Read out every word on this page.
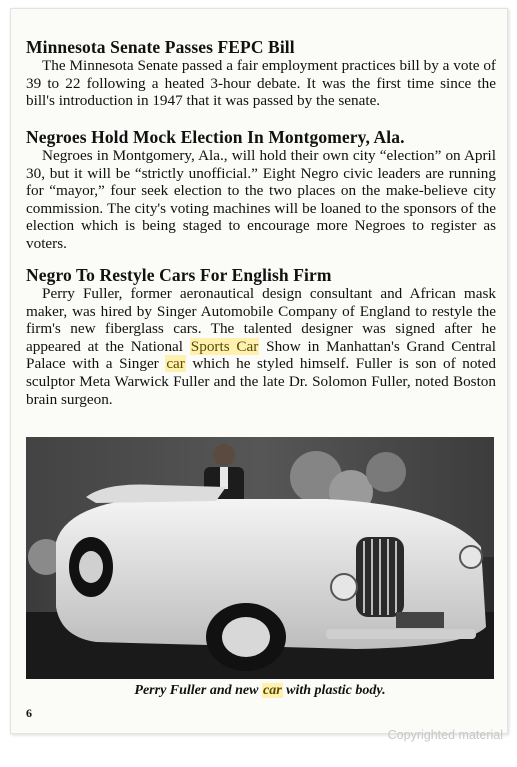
Minnesota Senate Passes FEPC Bill

The Minnesota Senate passed a fair employment practices bill by a vote of 39 to 22 following a heated 3-hour debate. It was the first time since the bill's introduction in 1947 that it was passed by the senate.

Negroes Hold Mock Election In Montgomery, Ala.

Negroes in Montgomery, Ala., will hold their own city “election” on April 30, but it will be “strictly unofficial.” Eight Negro civic leaders are running for “mayor,” four seek election to the two places on the make-believe city commission. The city's voting machines will be loaned to the sponsors of the election which is being staged to encourage more Negroes to register as voters.

Negro To Restyle Cars For English Firm

Perry Fuller, former aeronautical design consultant and African mask maker, was hired by Singer Automobile Company of England to restyle the firm's new fiberglass cars. The talented designer was signed after he appeared at the National Sports Car Show in Manhattan's Grand Central Palace with a Singer car which he styled himself. Fuller is son of noted sculptor Meta Warwick Fuller and the late Dr. Solomon Fuller, noted Boston brain surgeon.

Perry Fuller and new car with plastic body.
6
Copyrighted material
